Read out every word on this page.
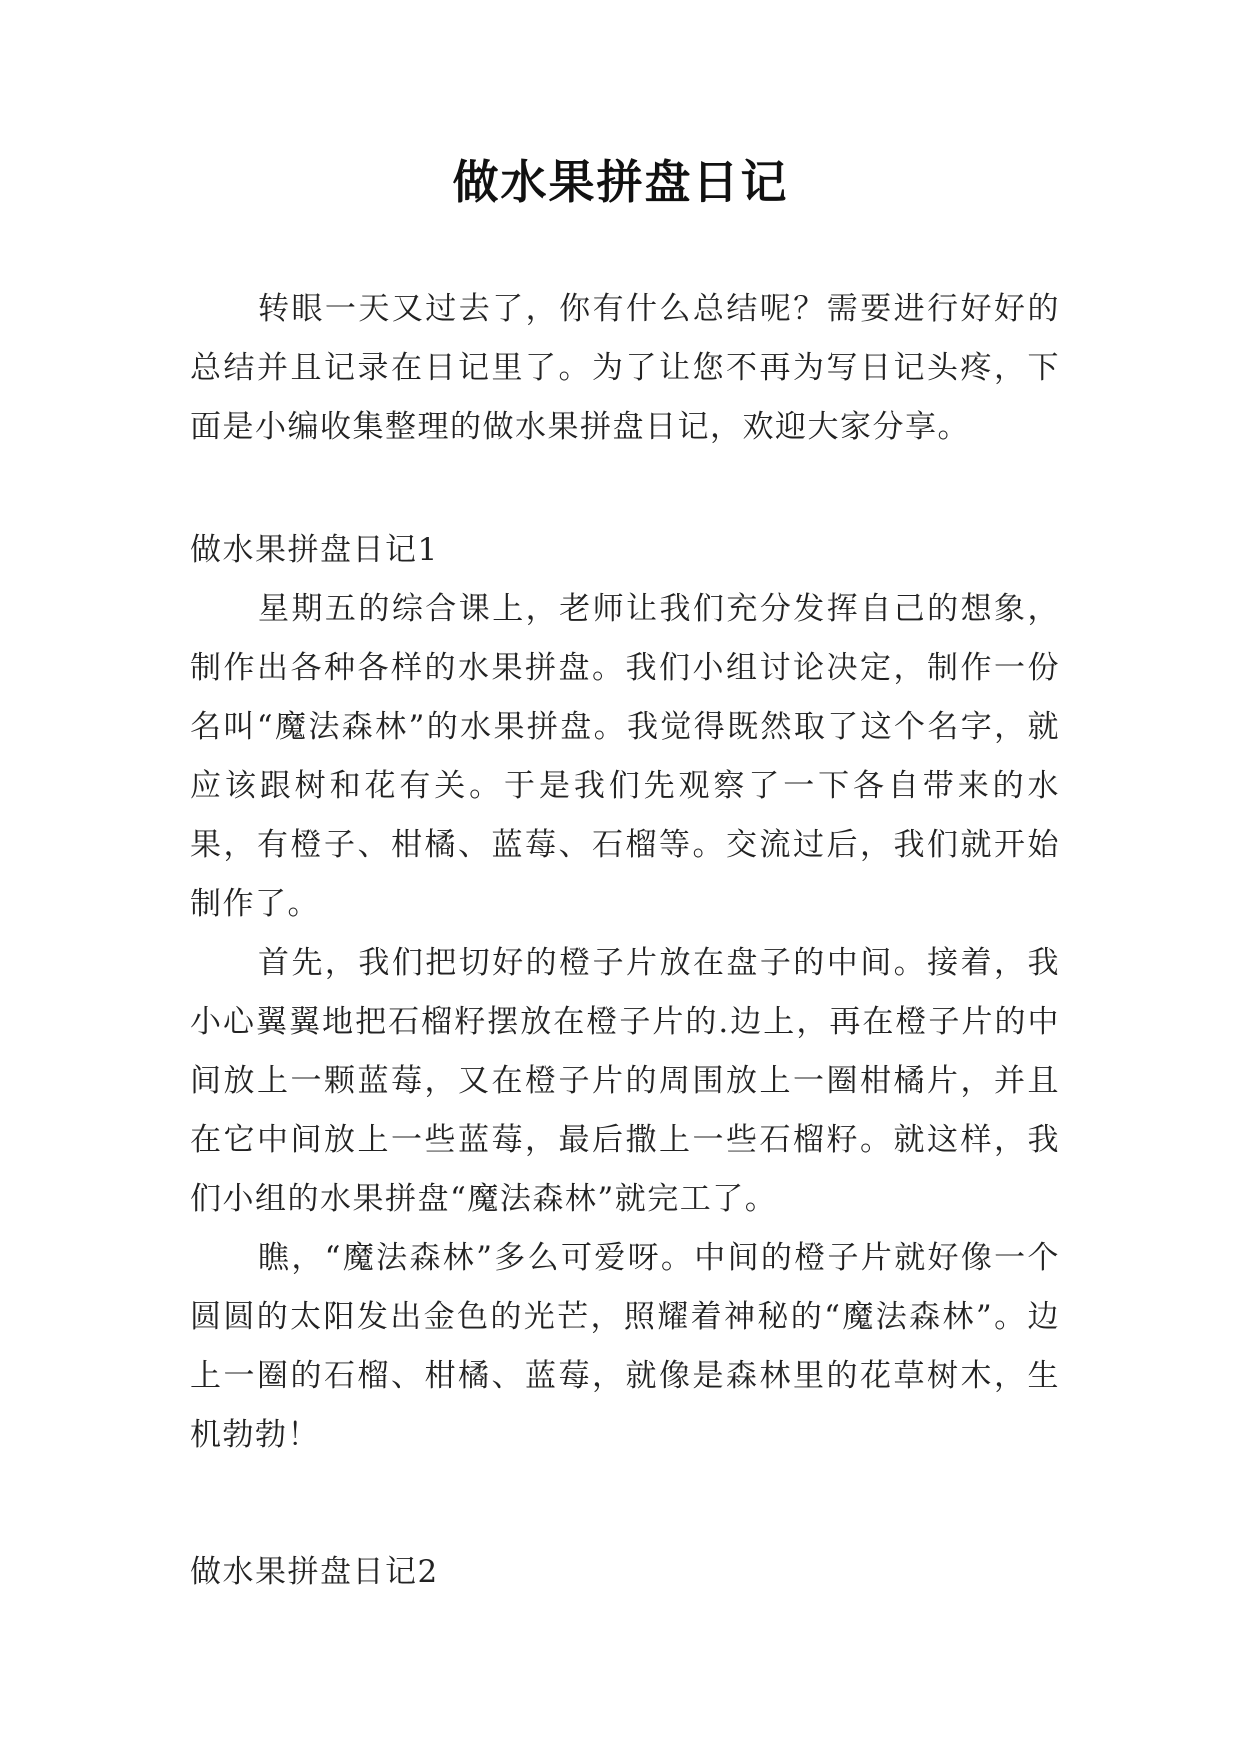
做水果拼盘日记

转眼一天又过去了，你有什么总结呢？需要进行好好的总结并且记录在日记里了。为了让您不再为写日记头疼，下面是小编收集整理的做水果拼盘日记，欢迎大家分享。

做水果拼盘日记1

星期五的综合课上，老师让我们充分发挥自己的想象，制作出各种各样的水果拼盘。我们小组讨论决定，制作一份名叫“魔法森林”的水果拼盘。我觉得既然取了这个名字，就应该跟树和花有关。于是我们先观察了一下各自带来的水果，有橙子、柑橘、蓝莓、石榴等。交流过后，我们就开始制作了。

首先，我们把切好的橙子片放在盘子的中间。接着，我小心翼翼地把石榴籽摆放在橙子片的.边上，再在橙子片的中间放上一颗蓝莓，又在橙子片的周围放上一圈柑橘片，并且在它中间放上一些蓝莓，最后撒上一些石榴籽。就这样，我们小组的水果拼盘“魔法森林”就完工了。

瞧，“魔法森林”多么可爱呀。中间的橙子片就好像一个圆圆的太阳发出金色的光芒，照耀着神秘的“魔法森林”。边上一圈的石榴、柑橘、蓝莓，就像是森林里的花草树木，生机勃勃！

做水果拼盘日记2
